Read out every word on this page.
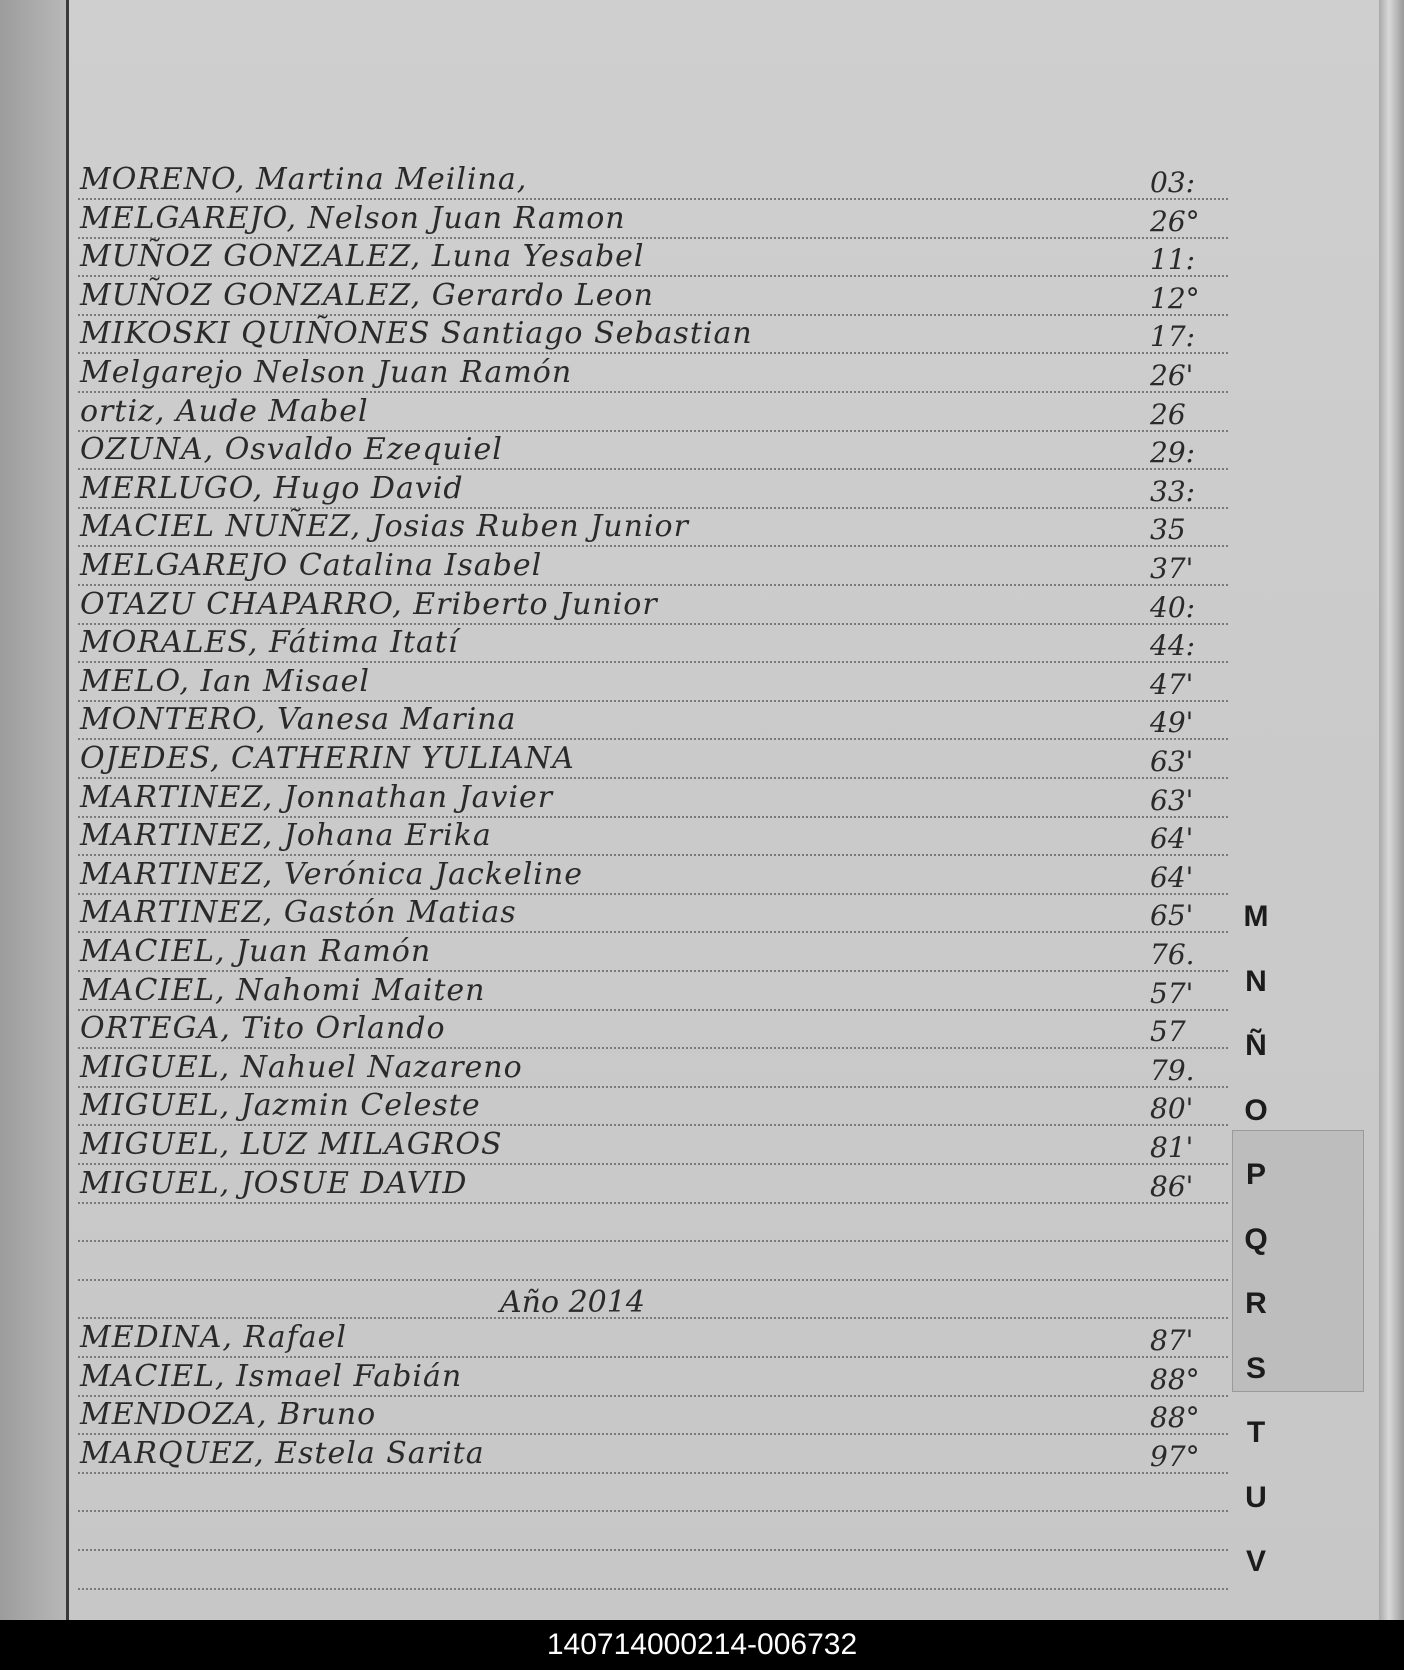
MORENO, Martina Meilina,	03:
MELGAREJO, Nelson Juan Ramon	26°
MUÑOZ GONZALEZ, Luna Yesabel	11:
MUÑOZ GONZALEZ, Gerardo Leon	12°
MIKOSKI QUIÑONES Santiago Sebastian	17:
Melgarejo Nelson Juan Ramón	26'
ortiz, Aude Mabel	26
OZUNA, Osvaldo Ezequiel	29:
MERLUGO, Hugo David	33:
MACIEL NUÑEZ, Josias Ruben Junior	35
MELGAREJO Catalina Isabel	37'
OTAZU CHAPARRO, Eriberto Junior	40:
MORALES, Fátima Itatí	44:
MELO, Ian Misael	47'
MONTERO, Vanesa Marina	49'
OJEDES, CATHERIN YULIANA	63'
MARTINEZ, Jonnathan Javier	63'
MARTINEZ, Johana Erika	64'
MARTINEZ, Verónica Jackeline	64'
MARTINEZ, Gastón Matias	65'
MACIEL, Juan Ramón	76.
MACIEL, Nahomi Maiten	57'
ORTEGA, Tito Orlando	57
MIGUEL, Nahuel Nazareno	79.
MIGUEL, Jazmin Celeste	80'
MIGUEL, LUZ MILAGROS	81'
MIGUEL, JOSUE DAVID	86'
Año 2014
MEDINA, Rafael	87'
MACIEL, Ismael Fabián	88°
MENDOZA, Bruno	88°
MARQUEZ, Estela Sarita	97°
M
N
Ñ
O
P
Q
R
S
T
U
V
140714000214-006732
